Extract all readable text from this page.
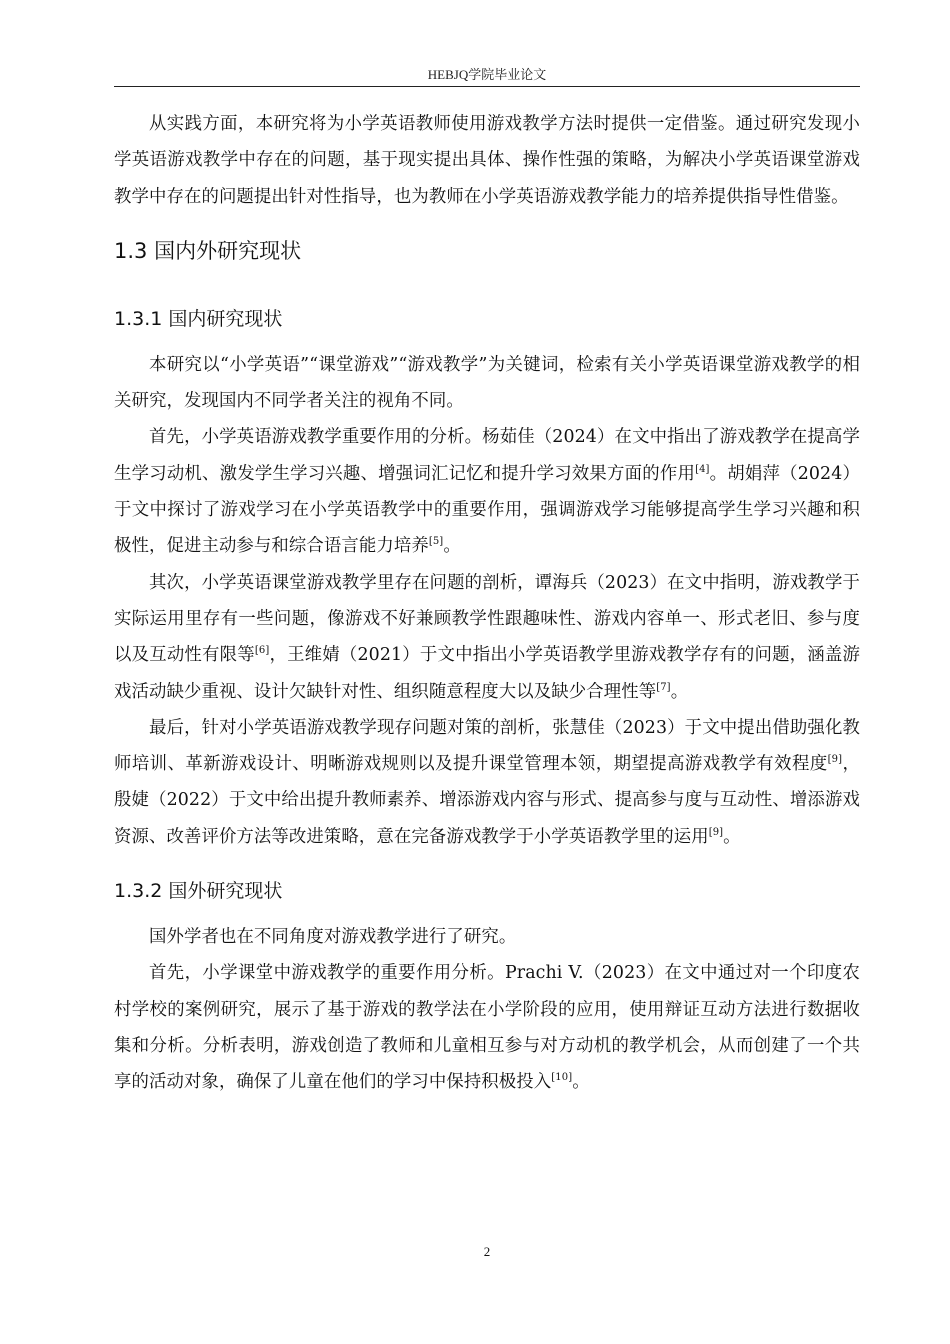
HEBJQ学院毕业论文

从实践方面，本研究将为小学英语教师使用游戏教学方法时提供一定借鉴。通过研究发现小学英语游戏教学中存在的问题，基于现实提出具体、操作性强的策略，为解决小学英语课堂游戏教学中存在的问题提出针对性指导，也为教师在小学英语游戏教学能力的培养提供指导性借鉴。

1.3 国内外研究现状
1.3.1 国内研究现状

本研究以“小学英语”“课堂游戏”“游戏教学”为关键词，检索有关小学英语课堂游戏教学的相关研究，发现国内不同学者关注的视角不同。

首先，小学英语游戏教学重要作用的分析。杨茹佳（2024）在文中指出了游戏教学在提高学生学习动机、激发学生学习兴趣、增强词汇记忆和提升学习效果方面的作用[4]。胡娟萍（2024）于文中探讨了游戏学习在小学英语教学中的重要作用，强调游戏学习能够提高学生学习兴趣和积极性，促进主动参与和综合语言能力培养[5]。

其次，小学英语课堂游戏教学里存在问题的剖析，谭海兵（2023）在文中指明，游戏教学于实际运用里存有一些问题，像游戏不好兼顾教学性跟趣味性、游戏内容单一、形式老旧、参与度以及互动性有限等[6]，王维婧（2021）于文中指出小学英语教学里游戏教学存有的问题，涵盖游戏活动缺少重视、设计欠缺针对性、组织随意程度大以及缺少合理性等[7]。

最后，针对小学英语游戏教学现存问题对策的剖析，张慧佳（2023）于文中提出借助强化教师培训、革新游戏设计、明晰游戏规则以及提升课堂管理本领，期望提高游戏教学有效程度[9]，殷婕（2022）于文中给出提升教师素养、增添游戏内容与形式、提高参与度与互动性、增添游戏资源、改善评价方法等改进策略，意在完备游戏教学于小学英语教学里的运用[9]。

1.3.2 国外研究现状

国外学者也在不同角度对游戏教学进行了研究。

首先，小学课堂中游戏教学的重要作用分析。Prachi V.（2023）在文中通过对一个印度农村学校的案例研究，展示了基于游戏的教学法在小学阶段的应用，使用辩证互动方法进行数据收集和分析。分析表明，游戏创造了教师和儿童相互参与对方动机的教学机会，从而创建了一个共享的活动对象，确保了儿童在他们的学习中保持积极投入[10]。

2
